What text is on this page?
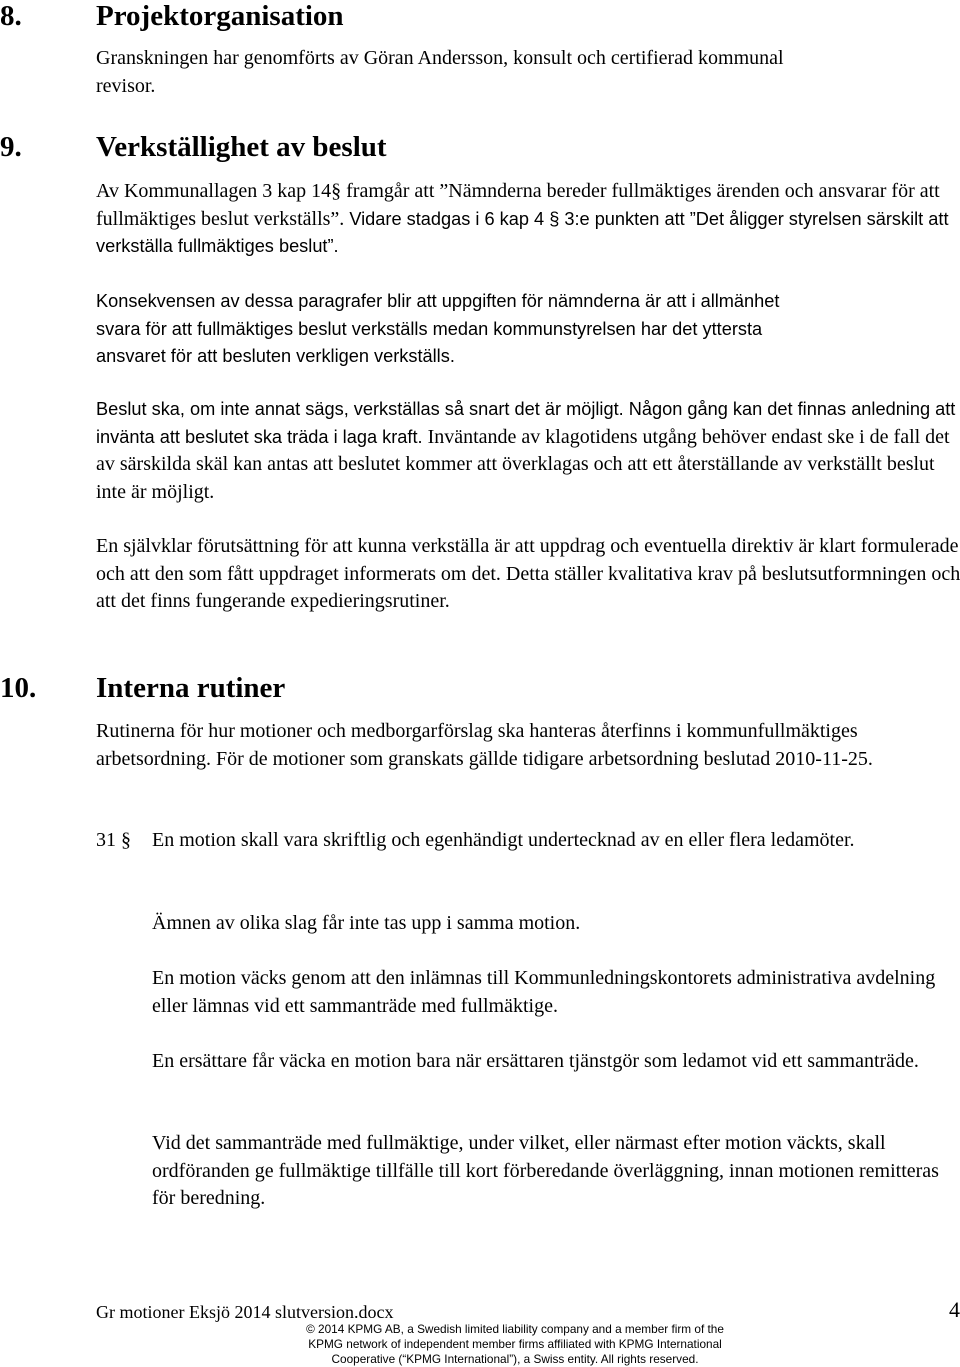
8.	Projektorganisation

Granskningen har genomförts av Göran Andersson, konsult och certifierad kommunal
revisor.

9.	Verkställighet av beslut

Av Kommunallagen 3 kap 14§ framgår att ”Nämnderna bereder fullmäktiges ärenden och ansvarar för att fullmäktiges beslut verkställs”. Vidare stadgas i 6 kap 4 § 3:e punkten att ”Det åligger styrelsen särskilt att verkställa fullmäktiges beslut”.

Konsekvensen av dessa paragrafer blir att uppgiften för nämnderna är att i allmänhet
svara för att fullmäktiges beslut verkställs medan kommunstyrelsen har det yttersta
ansvaret för att besluten verkligen verkställs.

Beslut ska, om inte annat sägs, verkställas så snart det är möjligt. Någon gång kan det finnas anledning att invänta att beslutet ska träda i laga kraft. Inväntande av klagotidens utgång behöver endast ske i de fall det av särskilda skäl kan antas att beslutet kommer att överklagas och att ett återställande av verkställt beslut inte är möjligt.

En självklar förutsättning för att kunna verkställa är att uppdrag och eventuella direktiv är klart formulerade och att den som fått uppdraget informerats om det. Detta ställer kvalitativa krav på beslutsutformningen och att det finns fungerande expedieringsrutiner.

10. Interna rutiner

Rutinerna för hur motioner och medborgarförslag ska hanteras återfinns i kommunfullmäktiges arbetsordning. För de motioner som granskats gällde tidigare arbetsordning beslutad 2010-11-25.

31 § En motion skall vara skriftlig och egenhändigt undertecknad av en eller flera ledamöter.

Ämnen av olika slag får inte tas upp i samma motion.

En motion väcks genom att den inlämnas till Kommunledningskontorets administrativa avdelning eller lämnas vid ett sammanträde med fullmäktige.

En ersättare får väcka en motion bara när ersättaren tjänstgör som ledamot vid ett sammanträde.

Vid det sammanträde med fullmäktige, under vilket, eller närmast efter motion väckts, skall ordföranden ge fullmäktige tillfälle till kort förberedande överläggning, innan motionen remitteras för beredning.

Gr motioner Eksjö 2014 slutversion.docx	4
© 2014 KPMG AB, a Swedish limited liability company and a member firm of the
KPMG network of independent member firms affiliated with KPMG International
Cooperative (“KPMG International”), a Swiss entity. All rights reserved.
